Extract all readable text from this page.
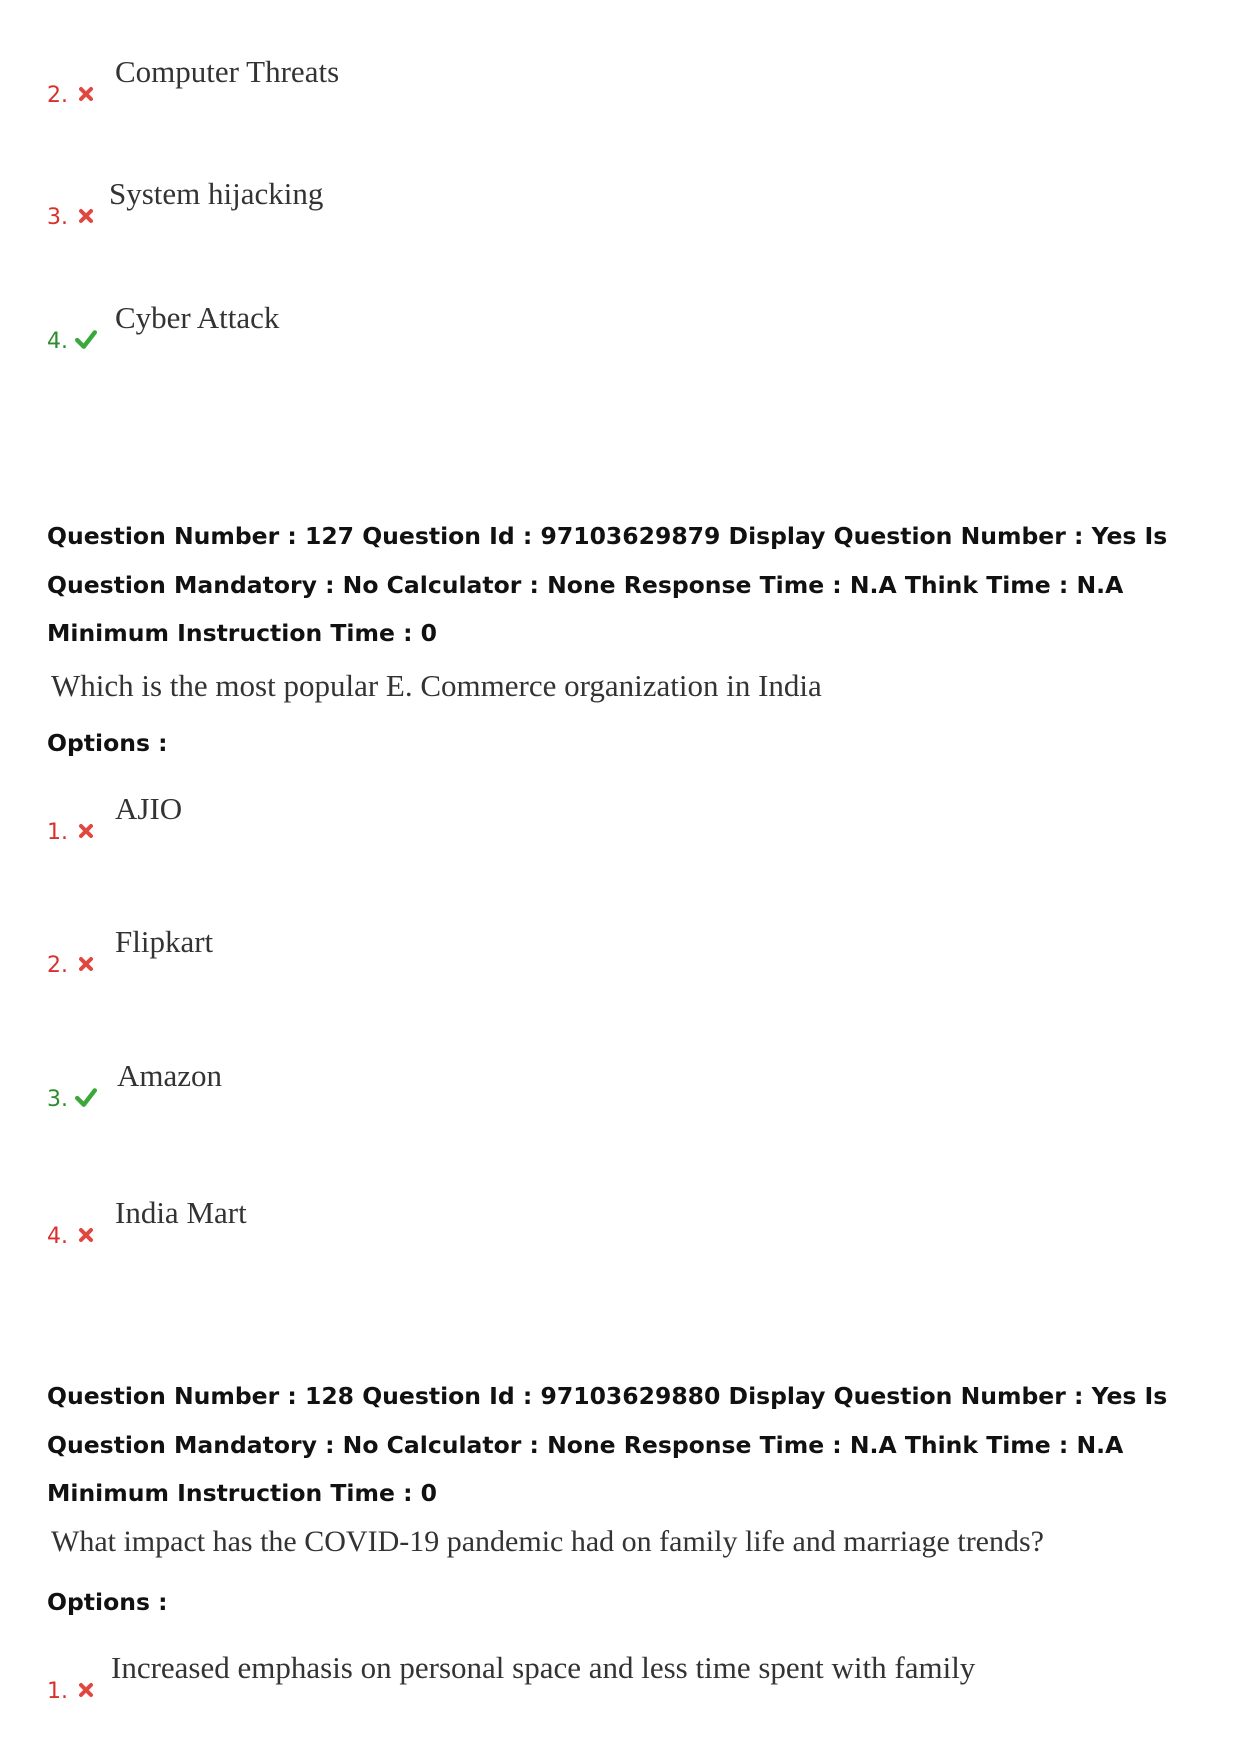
2.
Computer Threats
3.
System hijacking
4.
Cyber Attack
Question Number : 127 Question Id : 97103629879 Display Question Number : Yes Is Question Mandatory : No Calculator : None Response Time : N.A Think Time : N.A Minimum Instruction Time : 0
Which is the most popular E. Commerce organization in India
Options :
1.
AJIO
2.
Flipkart
3.
Amazon
4.
India Mart
Question Number : 128 Question Id : 97103629880 Display Question Number : Yes Is Question Mandatory : No Calculator : None Response Time : N.A Think Time : N.A Minimum Instruction Time : 0
What impact has the COVID-19 pandemic had on family life and marriage trends?
Options :
1.
Increased emphasis on personal space and less time spent with family
